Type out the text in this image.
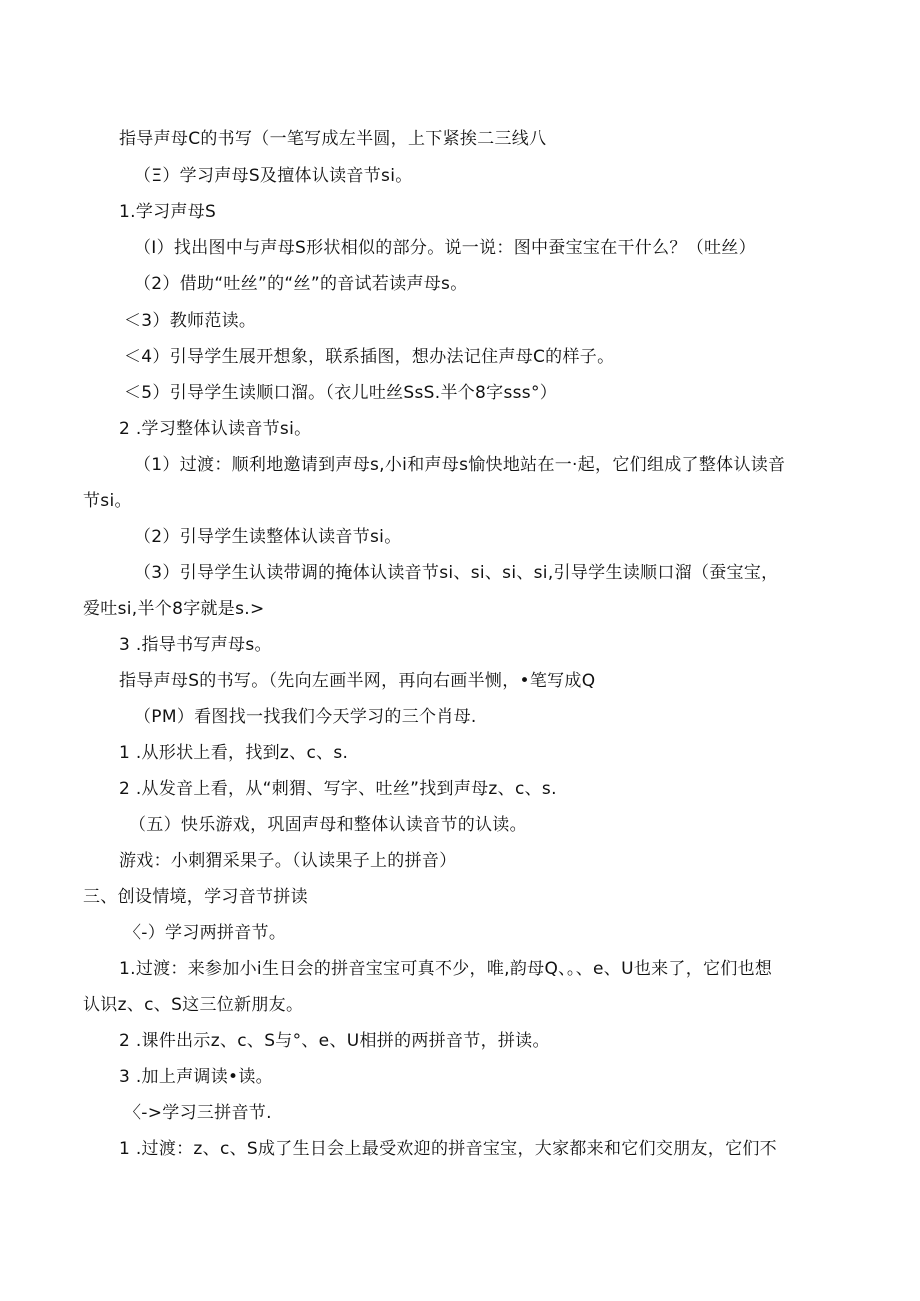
指导声母C的书写（一笔写成左半圆，上下紧挨二三线八
（Ξ）学习声母S及擅体认读音节si。
1.学习声母S
（I）找出图中与声母S形状相似的部分。说一说：图中蚕宝宝在干什么？（吐丝）
（2）借助“吐丝”的“丝”的音试若读声母s。
＜3）教师范读。
＜4）引导学生展开想象，联系插图，想办法记住声母C的样子。
＜5）引导学生读顺口溜。（衣儿吐丝SsS.半个8字sss°）
2 .学习整体认读音节si。
（1）过渡：顺利地邀请到声母s,小i和声母s愉快地站在一·起，它们组成了整体认读音
节si。
（2）引导学生读整体认读音节si。
（3）引导学生认读带调的掩体认读音节si、si、si、si,引导学生读顺口溜（蚕宝宝，
爱吐si,半个8字就是s.>
3 .指导书写声母s。
指导声母S的书写。（先向左画半网，再向右画半恻，•笔写成Q
（PM）看图找一找我们今天学习的三个肖母.
1 .从形状上看，找到z、c、s.
2 .从发音上看，从“刺猬、写字、吐丝”找到声母z、c、s.
（五）快乐游戏，巩固声母和整体认读音节的认读。
游戏：小刺猬采果子。（认读果子上的拼音）
三、创设情境，学习音节拼读
〈-）学习两拼音节。
1.过渡：来参加小i生日会的拼音宝宝可真不少，唯,韵母Q、。、e、U也来了，它们也想
认识z、c、S这三位新朋友。
2 .课件出示z、c、S与°、e、U相拼的两拼音节，拼读。
3 .加上声调读•读。
〈->学习三拼音节.
1 .过渡：z、c、S成了生日会上最受欢迎的拼音宝宝，大家都来和它们交朋友，它们不
